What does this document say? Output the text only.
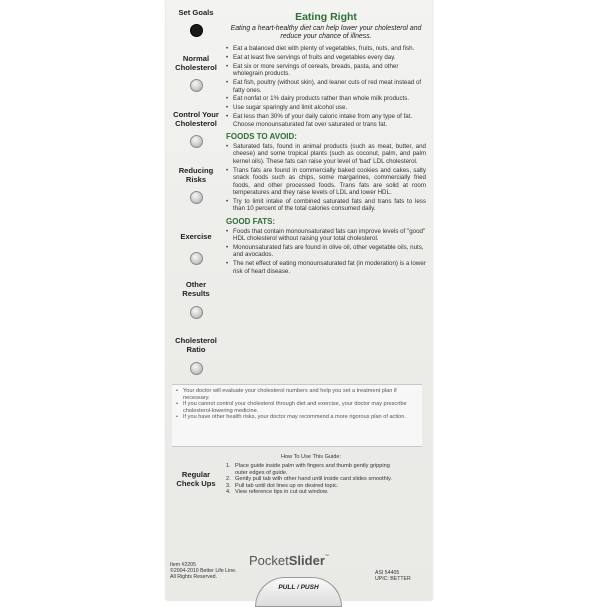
Set Goals
Normal Cholesterol
Control Your Cholesterol
Reducing Risks
Exercise
Other Results
Cholesterol Ratio
Regular Check Ups
Eating Right
Eating a heart-healthy diet can help lower your cholesterol and reduce your chance of illness.
• Eat a balanced diet with plenty of vegetables, fruits, nuts, and fish.
• Eat at least five servings of fruits and vegetables every day.
• Eat six or more servings of cereals, breads, pasta, and other wholegrain products.
• Eat fish, poultry (without skin), and leaner cuts of red meat instead of fatty ones.
• Eat nonfat or 1% dairy products rather than whole milk products.
• Use sugar sparingly and limit alcohol use.
• Eat less than 30% of your daily caloric intake from any type of fat. Choose monounsaturated fat over saturated or trans fat.
FOODS TO AVOID:
• Saturated fats, found in animal products (such as meat, butter, and cheese) and some tropical plants (such as coconut, palm, and palm kernel oils). These fats can raise your level of 'bad' LDL cholesterol.
• Trans fats are found in commercially baked cookies and cakes, salty snack foods such as chips, some margarines, commercially fried foods, and other processed foods. Trans fats are solid at room temperatures and they raise levels of LDL and lower HDL.
• Try to limit intake of combined saturated fats and trans fats to less than 10 percent of the total calories consumed daily.
GOOD FATS:
• Foods that contain monounsaturated fats can improve levels of "good" HDL cholesterol without raising your total cholesterol.
• Monounsaturated fats are found in olive oil, other vegetable oils, nuts, and avocados.
• The net effect of eating monounsaturated fat (in moderation) is a lower risk of heart disease.
• Your doctor will evaluate your cholesterol numbers and help you set a treatment plan if necessary.
• If you cannot control your cholesterol through diet and exercise, your doctor may prescribe cholesterol-lowering medicine.
• If you have other health risks, your doctor may recommend a more rigorous plan of action.
How To Use This Guide:
1. Place guide inside palm with fingers and thumb gently gripping outer edges of guide.
2. Gently pull tab with other hand until inside card slides smoothly.
3. Pull tab until dot lines up on desired topic.
4. View reference tips in cut out window.
PocketSlider™
Item #2205
©2004-2010 Better Life Line.
All Rights Reserved.
ASI 54405
UPIC: BETTER
PULL / PUSH
